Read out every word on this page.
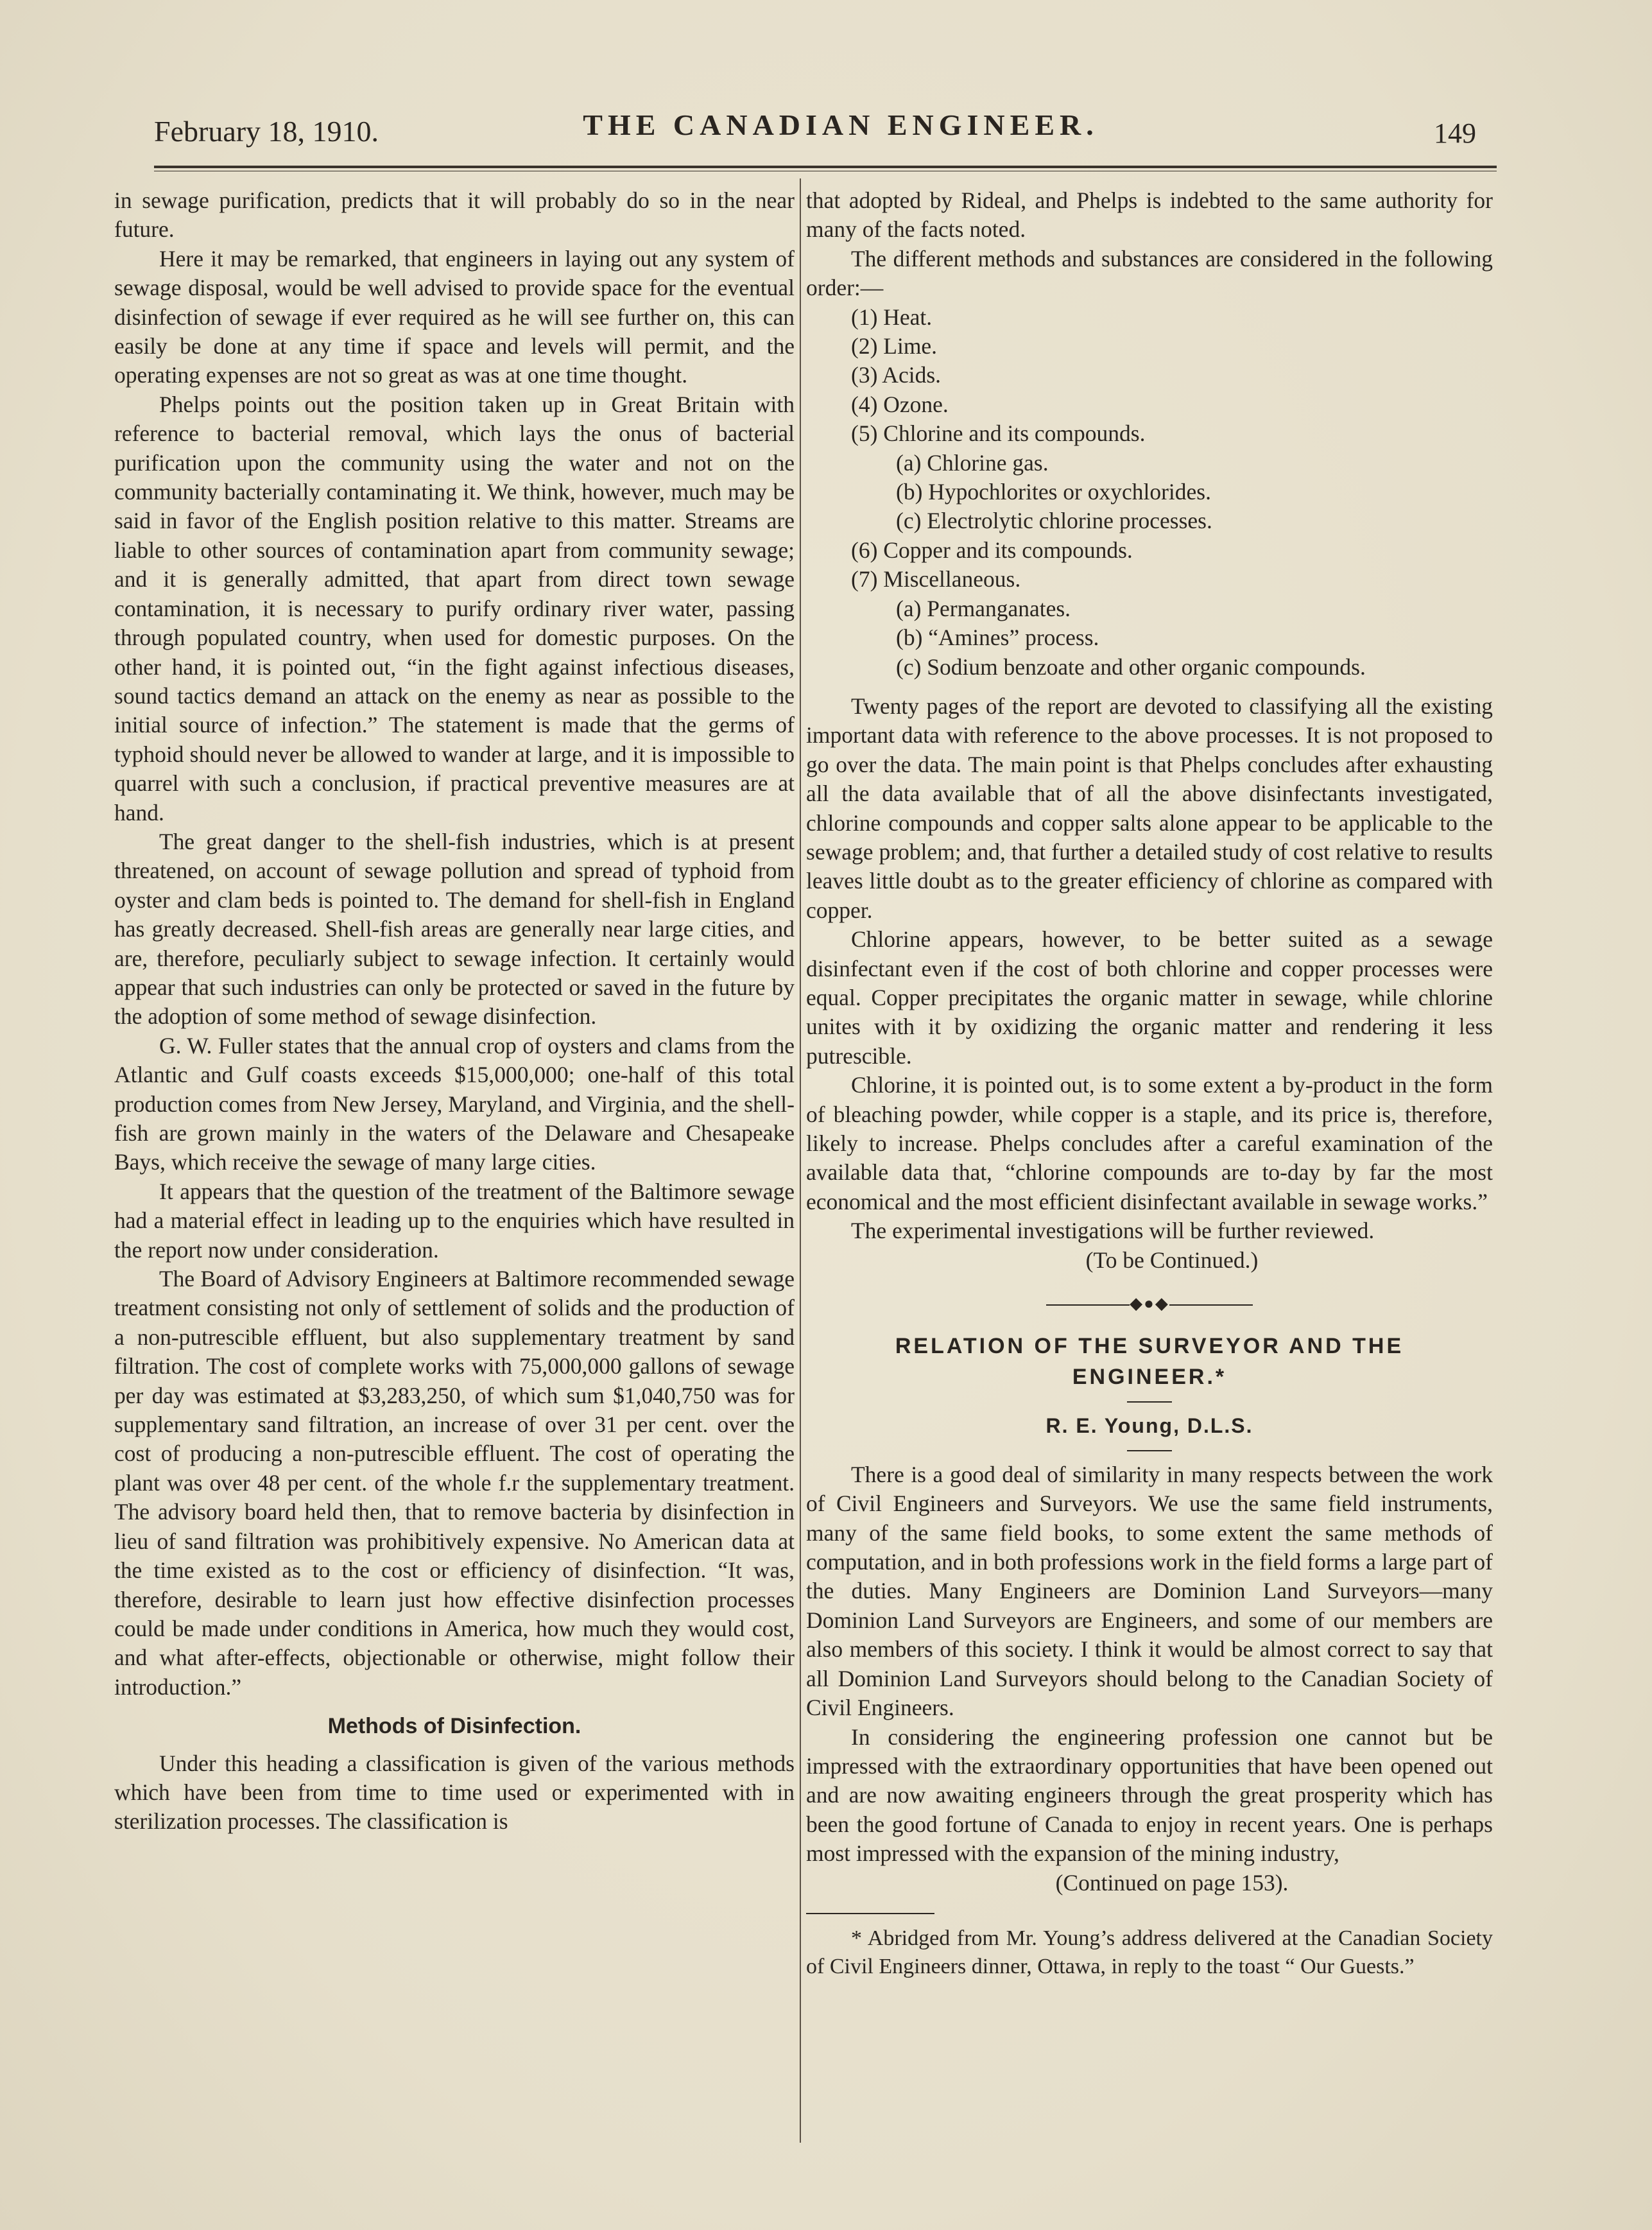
February 18, 1910.	THE CANADIAN ENGINEER.	149

in sewage purification, predicts that it will probably do so in the near future.

Here it may be remarked, that engineers in laying out any system of sewage disposal, would be well advised to provide space for the eventual disinfection of sewage if ever required as he will see further on, this can easily be done at any time if space and levels will permit, and the operating expenses are not so great as was at one time thought.

Phelps points out the position taken up in Great Britain with reference to bacterial removal, which lays the onus of bacterial purification upon the community using the water and not on the community bacterially contaminating it. We think, however, much may be said in favor of the English position relative to this matter. Streams are liable to other sources of contamination apart from community sewage; and it is generally admitted, that apart from direct town sewage contamination, it is necessary to purify ordinary river water, passing through populated country, when used for domestic purposes. On the other hand, it is pointed out, “in the fight against infectious diseases, sound tactics demand an attack on the enemy as near as possible to the initial source of infection.” The statement is made that the germs of typhoid should never be allowed to wander at large, and it is impossible to quarrel with such a conclusion, if practical preventive measures are at hand.

The great danger to the shell-fish industries, which is at present threatened, on account of sewage pollution and spread of typhoid from oyster and clam beds is pointed to. The demand for shell-fish in England has greatly decreased. Shell-fish areas are generally near large cities, and are, therefore, peculiarly subject to sewage infection. It certainly would appear that such industries can only be protected or saved in the future by the adoption of some method of sewage disinfection.

G. W. Fuller states that the annual crop of oysters and clams from the Atlantic and Gulf coasts exceeds $15,000,000; one-half of this total production comes from New Jersey, Maryland, and Virginia, and the shell-fish are grown mainly in the waters of the Delaware and Chesapeake Bays, which receive the sewage of many large cities.

It appears that the question of the treatment of the Baltimore sewage had a material effect in leading up to the enquiries which have resulted in the report now under consideration.

The Board of Advisory Engineers at Baltimore recommended sewage treatment consisting not only of settlement of solids and the production of a non-putrescible effluent, but also supplementary treatment by sand filtration. The cost of complete works with 75,000,000 gallons of sewage per day was estimated at $3,283,250, of which sum $1,040,750 was for supplementary sand filtration, an increase of over 31 per cent. over the cost of producing a non-putrescible effluent. The cost of operating the plant was over 48 per cent. of the whole f.r the supplementary treatment. The advisory board held then, that to remove bacteria by disinfection in lieu of sand filtration was prohibitively expensive. No American data at the time existed as to the cost or efficiency of disinfection. “It was, therefore, desirable to learn just how effective disinfection processes could be made under conditions in America, how much they would cost, and what after-effects, objectionable or otherwise, might follow their introduction.”

Methods of Disinfection.

Under this heading a classification is given of the various methods which have been from time to time used or experimented with in sterilization processes. The classification is

that adopted by Rideal, and Phelps is indebted to the same authority for many of the facts noted.

The different methods and substances are considered in the following order:—

(1) Heat.
(2) Lime.
(3) Acids.
(4) Ozone.
(5) Chlorine and its compounds.
(a) Chlorine gas.
(b) Hypochlorites or oxychlorides.
(c) Electrolytic chlorine processes.
(6) Copper and its compounds.
(7) Miscellaneous.
(a) Permanganates.
(b) “Amines” process.
(c) Sodium benzoate and other organic compounds.

Twenty pages of the report are devoted to classifying all the existing important data with reference to the above processes. It is not proposed to go over the data. The main point is that Phelps concludes after exhausting all the data available that of all the above disinfectants investigated, chlorine compounds and copper salts alone appear to be applicable to the sewage problem; and, that further a detailed study of cost relative to results leaves little doubt as to the greater efficiency of chlorine as compared with copper.

Chlorine appears, however, to be better suited as a sewage disinfectant even if the cost of both chlorine and copper processes were equal. Copper precipitates the organic matter in sewage, while chlorine unites with it by oxidizing the organic matter and rendering it less putrescible.

Chlorine, it is pointed out, is to some extent a by-product in the form of bleaching powder, while copper is a staple, and its price is, therefore, likely to increase. Phelps concludes after a careful examination of the available data that, “chlorine compounds are to-day by far the most economical and the most efficient disinfectant available in sewage works.”

The experimental investigations will be further reviewed.

(To be Continued.)

◆●◆
RELATION OF THE SURVEYOR AND THE ENGINEER.*
R. E. Young, D.L.S.

There is a good deal of similarity in many respects between the work of Civil Engineers and Surveyors. We use the same field instruments, many of the same field books, to some extent the same methods of computation, and in both professions work in the field forms a large part of the duties. Many Engineers are Dominion Land Surveyors—many Dominion Land Surveyors are Engineers, and some of our members are also members of this society. I think it would be almost correct to say that all Dominion Land Surveyors should belong to the Canadian Society of Civil Engineers.

In considering the engineering profession one cannot but be impressed with the extraordinary opportunities that have been opened out and are now awaiting engineers through the great prosperity which has been the good fortune of Canada to enjoy in recent years. One is perhaps most impressed with the expansion of the mining industry,

(Continued on page 153).

* Abridged from Mr. Young’s address delivered at the Canadian Society of Civil Engineers dinner, Ottawa, in reply to the toast “ Our Guests.”
